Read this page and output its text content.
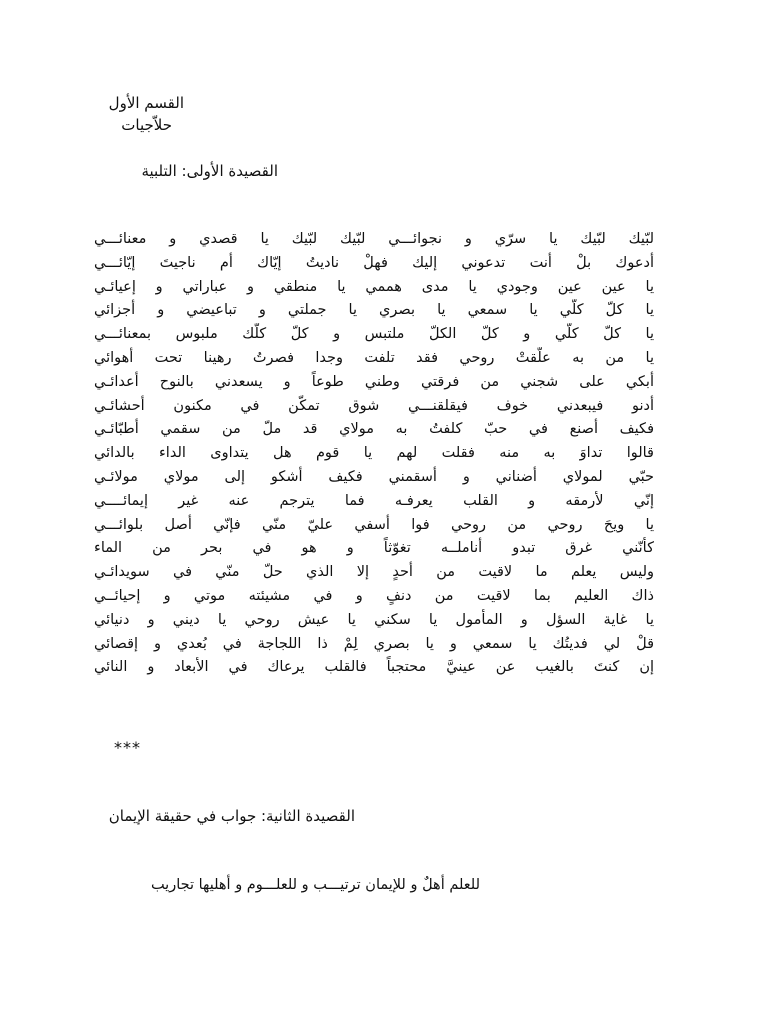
القسم الأول
حلاّجيات
القصيدة الأولى: التلبية
لبّيك لبّيك يا سرّي و نجوائـــي لبّيك لبّيك يا قصدي و معنائـــي
أدعوك بلْ أنت تدعوني إليك فهلْ ناديتُ إيّاك أم ناجيتَ إيّائـــي
يا عين عين وجودي يا مدى هممي يا منطقي و عباراتي و إعيائـي
يا كلّ كلّي يا سمعي يا بصري يا جملتي و تباعيضي و أجزائي
يا كلّ كلّي و كلّ الكلّ ملتبس و كلّ كلّك ملبوس بمعنائـــي
يا من به علّقتْ روحي فقد تلفت وجدا فصرتُ رهينا تحت أهوائي
أبكي على شجني من فرقتي وطني طوعاً و يسعدني بالنوح أعدائـي
أدنو فيبعدني خوف فيقلقنـــي شوق تمكّن في مكنون أحشائـي
فكيف أصنع في حبّ كلفتُ به مولاي قد ملّ من سقمي أطبّائـي
قالوا تداوَ به منه فقلت لهم يا قوم هل يتداوى الداء بالدائي
حبّي لمولاي أضناني و أسقمني فكيف أشكو إلى مولاي مولائـي
إنّي لأرمقه و القلب يعرفـه فما يترجم عنه غير إيمائــــي
يا ويحَ روحي من روحي فوا أسفي عليّ منّي فإنّي أصل بلوائـــي
كأنّني غرق تبدو أناملــه تغوّثاً و هو في بحر من الماء
وليس يعلم ما لاقيت من أحدٍ إلا الذي حلّ منّي في سويدائـي
ذاك العليم بما لاقيت من دنفٍ و في مشيئته موتي و إحيائــي
يا غاية السؤل و المأمول يا سكني يا عيش روحي يا ديني و دنيائي
قلْ لي فديتُك يا سمعي و يا بصري لِمْ ذا اللجاجة في بُعدي و إقصائي
إن كنتَ بالغيب عن عينيَّ محتجباً فالقلب يرعاك في الأبعاد و النائي
***
القصيدة الثانية: جواب في حقيقة الإيمان
للعلم أهلٌ و للإيمان ترتيـــب و للعلـــوم و أهليها تجاريب
